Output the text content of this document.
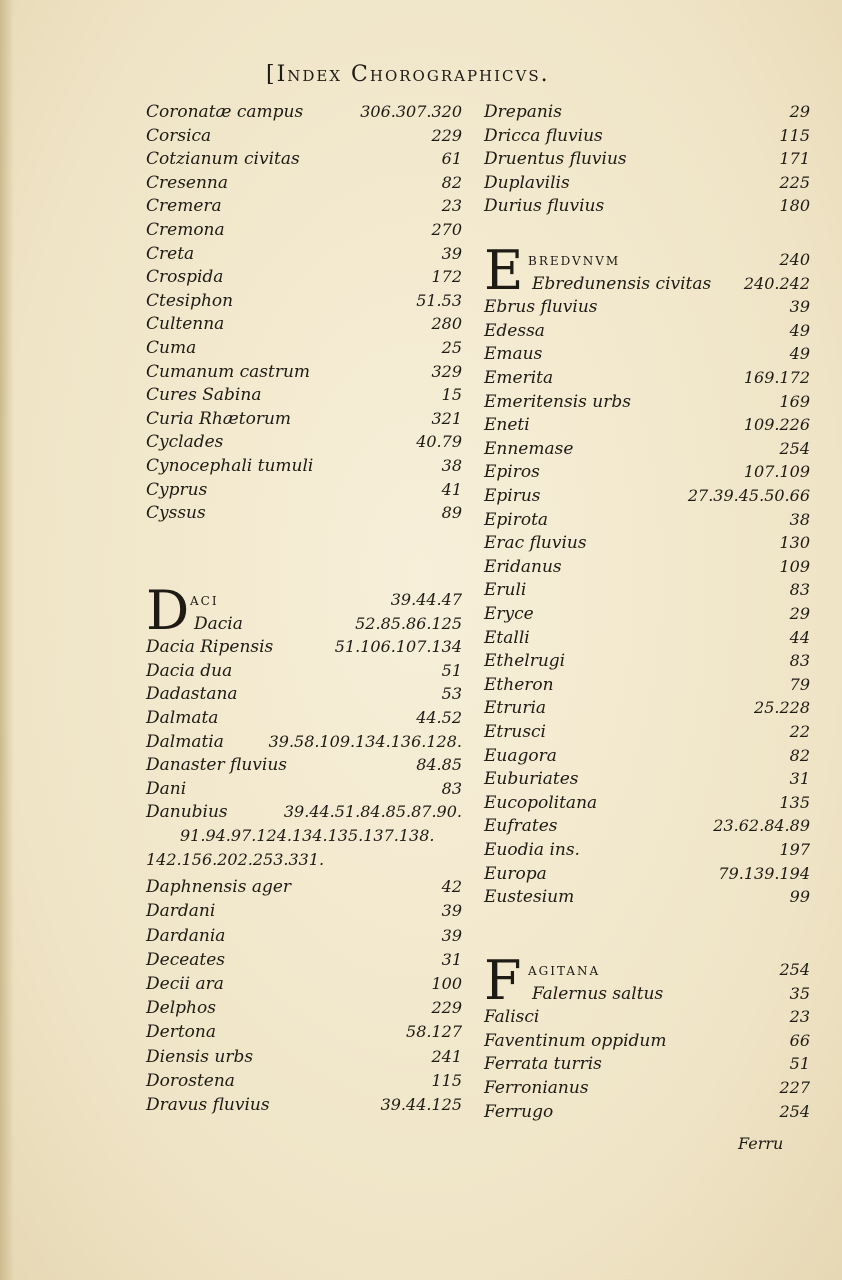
[Index Chorographicvs.
Coronatæ campus	306.307.320
Corsica	229
Cotzianum civitas	61
Cresenna	82
Cremera	23
Cremona	270
Creta	39
Crospida	172
Ctesiphon	51.53
Cultenna	280
Cuma	25
Cumanum castrum	329
Cures Sabina	15
Curia Rhætorum	321
Cyclades	40.79
Cynocephali tumuli	38
Cyprus	41
Cyssus	89
D aci	39.44.47
Dacia	52.85.86.125
Dacia Ripensis	51.106.107.134
Dacia dua	51
Dadastana	53
Dalmata	44.52
Dalmatia	39.58.109.134.136.128.
Danaster fluvius	84.85
Dani	83
Danubius	39.44.51.84.85.87.90.
91.94.97.124.134.135.137.138.
142.156.202.253.331.
Daphnensis ager	42
Dardani	39
Dardania	39
Deceates	31
Decii ara	100
Delphos	229
Dertona	58.127
Diensis urbs	241
Dorostena	115
Dravus fluvius	39.44.125
Drepanis	29
Dricca fluvius	115
Druentus fluvius	171
Duplavilis	225
Durius fluvius	180
E bredvnvm	240
Ebredunensis civitas 240.242
Ebrus fluvius	39
Edessa	49
Emaus	49
Emerita	169.172
Emeritensis urbs	169
Eneti	109.226
Ennemase	254
Epiros	107.109
Epirus	27.39.45.50.66
Epirota	38
Erac fluvius	130
Eridanus	109
Eruli	83
Eryce	29
Etalli	44
Ethelrugi	83
Etheron	79
Etruria	25.228
Etrusci	22
Euagora	82
Euburiates	31
Eucopolitana	135
Eufrates	23.62.84.89
Euodia ins.	197
Europa	79.139.194
Eustesium	99
F agitana	254
Falernus saltus	35
Falisci	23
Faventinum oppidum	66
Ferrata turris	51
Ferronianus	227
Ferrugo	254
Ferru
